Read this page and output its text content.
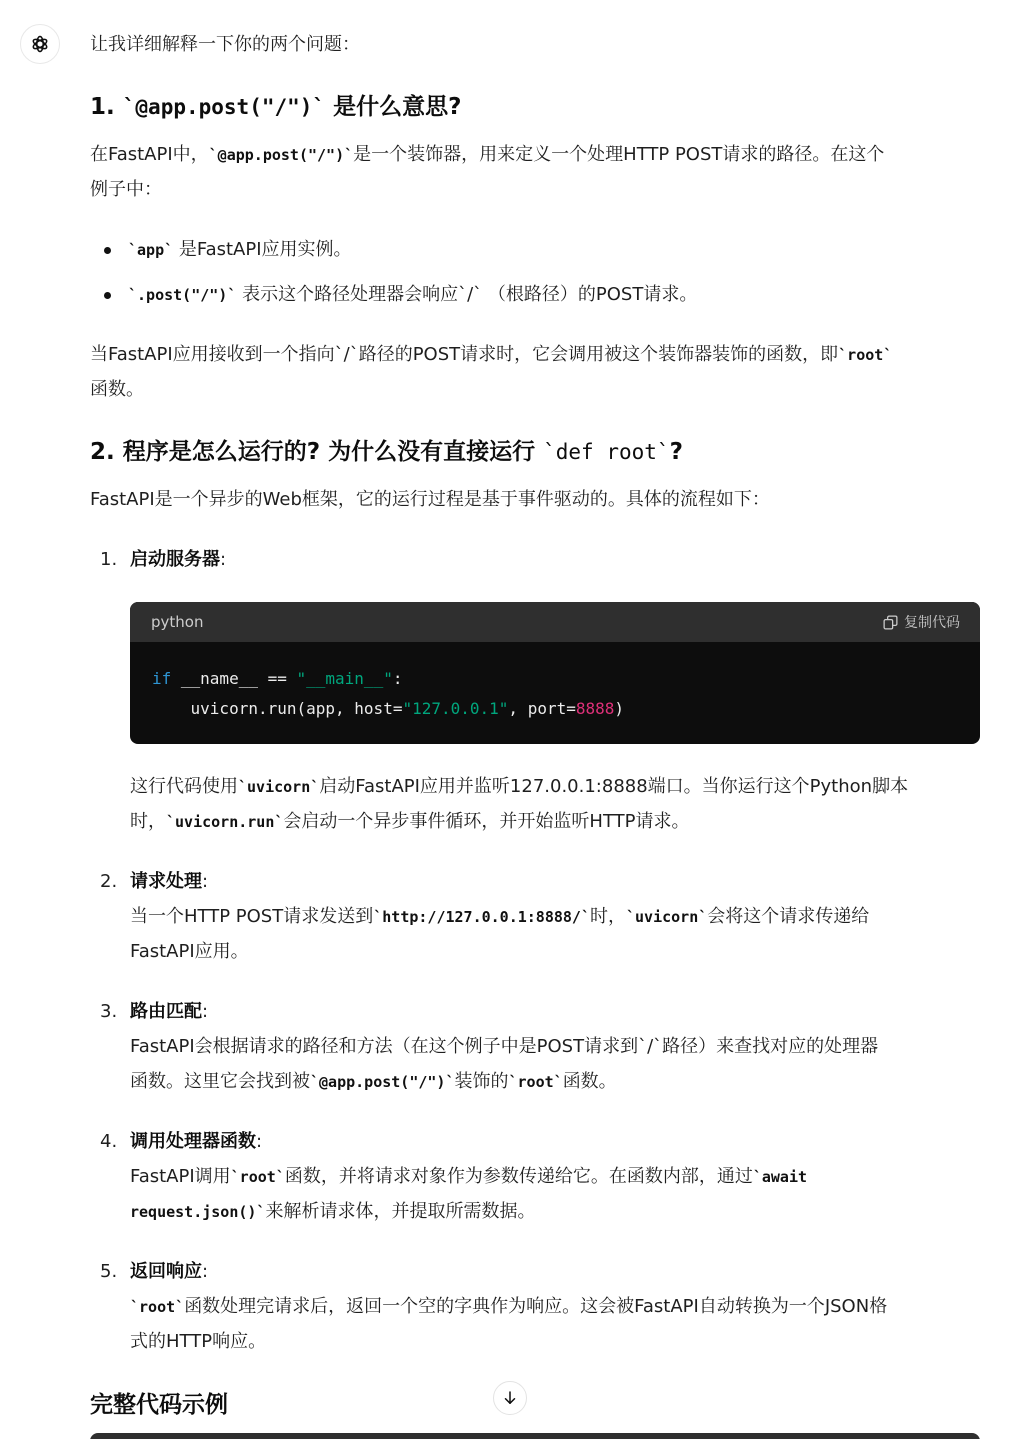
让我详细解释一下你的两个问题：
1. `@app.post("/")` 是什么意思?
在FastAPI中，`@app.post("/")`是一个装饰器，用来定义一个处理HTTP POST请求的路径。在这个
例子中：
`app` 是FastAPI应用实例。
`.post("/")` 表示这个路径处理器会响应`/` （根路径）的POST请求。
当FastAPI应用接收到一个指向`/`路径的POST请求时，它会调用被这个装饰器装饰的函数，即`root`
函数。
2. 程序是怎么运行的? 为什么没有直接运行 `def root`?
FastAPI是一个异步的Web框架，它的运行过程是基于事件驱动的。具体的流程如下：
1. 启动服务器:
python	复制代码
if __name__ == "__main__":
uvicorn.run(app, host="127.0.0.1", port=8888)
这行代码使用`uvicorn`启动FastAPI应用并监听127.0.0.1:8888端口。当你运行这个Python脚本
时，`uvicorn.run`会启动一个异步事件循环，并开始监听HTTP请求。
2. 请求处理:
当一个HTTP POST请求发送到`http://127.0.0.1:8888/`时，`uvicorn`会将这个请求传递给
FastAPI应用。
3. 路由匹配:
FastAPI会根据请求的路径和方法（在这个例子中是POST请求到`/`路径）来查找对应的处理器
函数。这里它会找到被`@app.post("/")`装饰的`root`函数。
4. 调用处理器函数:
FastAPI调用`root`函数，并将请求对象作为参数传递给它。在函数内部，通过`await
request.json()`来解析请求体，并提取所需数据。
5. 返回响应:
`root`函数处理完请求后，返回一个空的字典作为响应。这会被FastAPI自动转换为一个JSON格
式的HTTP响应。
完整代码示例
